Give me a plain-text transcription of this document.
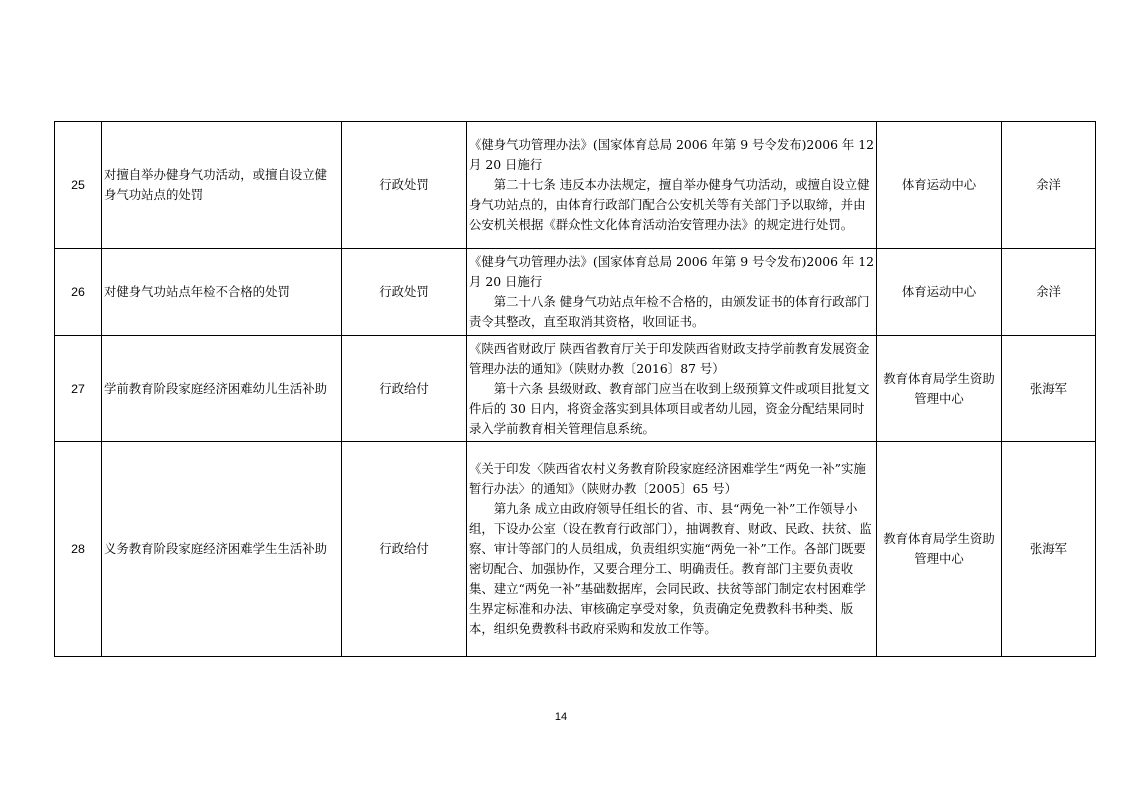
25	对擅自举办健身气功活动，或擅自设立健身气功站点的处罚	行政处罚	《健身气功管理办法》(国家体育总局 2006 年第 9 号令发布)2006 年 12 月 20 日施行
第二十七条 违反本办法规定，擅自举办健身气功活动，或擅自设立健身气功站点的，由体育行政部门配合公安机关等有关部门予以取缔，并由公安机关根据《群众性文化体育活动治安管理办法》的规定进行处罚。	体育运动中心	余洋
26	对健身气功站点年检不合格的处罚	行政处罚	《健身气功管理办法》(国家体育总局 2006 年第 9 号令发布)2006 年 12 月 20 日施行
第二十八条 健身气功站点年检不合格的，由颁发证书的体育行政部门责令其整改，直至取消其资格，收回证书。	体育运动中心	余洋
27	学前教育阶段家庭经济困难幼儿生活补助	行政给付	《陕西省财政厅 陕西省教育厅关于印发陕西省财政支持学前教育发展资金管理办法的通知》（陕财办教〔2016〕87 号）
第十六条 县级财政、教育部门应当在收到上级预算文件或项目批复文件后的 30 日内，将资金落实到具体项目或者幼儿园，资金分配结果同时录入学前教育相关管理信息系统。	教育体育局学生资助管理中心	张海军
28	义务教育阶段家庭经济困难学生生活补助	行政给付	《关于印发〈陕西省农村义务教育阶段家庭经济困难学生“两免一补”实施暂行办法〉的通知》（陕财办教〔2005〕65 号）
第九条 成立由政府领导任组长的省、市、县“两免一补”工作领导小组，下设办公室（设在教育行政部门），抽调教育、财政、民政、扶贫、监察、审计等部门的人员组成，负责组织实施“两免一补”工作。各部门既要密切配合、加强协作，又要合理分工、明确责任。教育部门主要负责收集、建立“两免一补”基础数据库，会同民政、扶贫等部门制定农村困难学生界定标准和办法、审核确定享受对象，负责确定免费教科书种类、版本，组织免费教科书政府采购和发放工作等。	教育体育局学生资助管理中心	张海军
14
